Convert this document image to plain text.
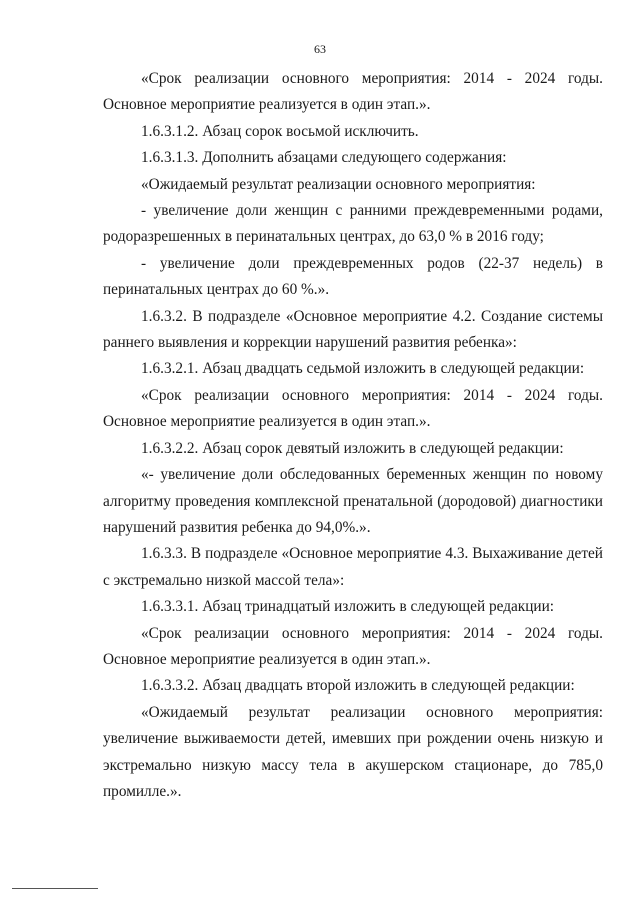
63

«Срок реализации основного мероприятия: 2014 - 2024 годы. Основное мероприятие реализуется в один этап.».

1.6.3.1.2. Абзац сорок восьмой исключить.

1.6.3.1.3. Дополнить абзацами следующего содержания:

«Ожидаемый результат реализации основного мероприятия:

- увеличение доли женщин с ранними преждевременными родами, родоразрешенных в перинатальных центрах, до 63,0 % в 2016 году;

- увеличение доли преждевременных родов (22-37 недель) в перинатальных центрах до 60 %.».

1.6.3.2. В подразделе «Основное мероприятие 4.2. Создание системы раннего выявления и коррекции нарушений развития ребенка»:

1.6.3.2.1. Абзац двадцать седьмой изложить в следующей редакции:

«Срок реализации основного мероприятия: 2014 - 2024 годы. Основное мероприятие реализуется в один этап.».

1.6.3.2.2. Абзац сорок девятый изложить в следующей редакции:

«- увеличение доли обследованных беременных женщин по новому алгоритму проведения комплексной пренатальной (дородовой) диагностики нарушений развития ребенка до 94,0%.».

1.6.3.3. В подразделе «Основное мероприятие 4.3. Выхаживание детей с экстремально низкой массой тела»:

1.6.3.3.1. Абзац тринадцатый изложить в следующей редакции:

«Срок реализации основного мероприятия: 2014 - 2024 годы. Основное мероприятие реализуется в один этап.».

1.6.3.3.2. Абзац двадцать второй изложить в следующей редакции:

«Ожидаемый результат реализации основного мероприятия: увеличение выживаемости детей, имевших при рождении очень низкую и экстремально низкую массу тела в акушерском стационаре, до 785,0 промилле.».
